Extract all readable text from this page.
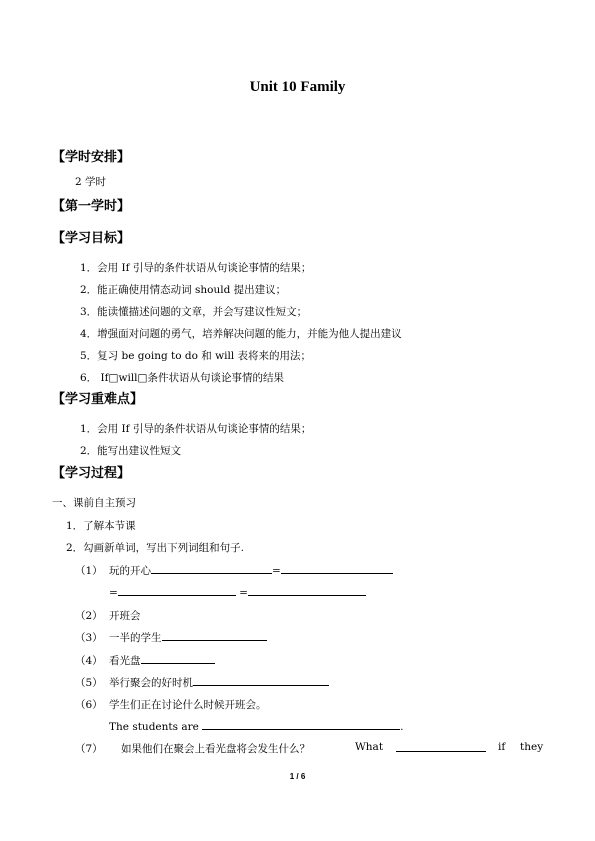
Unit 10 Family
【学时安排】
2 学时
【第一学时】
【学习目标】
1．会用 If 引导的条件状语从句谈论事情的结果；
2．能正确使用情态动词 should 提出建议；
3．能读懂描述问题的文章，并会写建议性短文；
4．增强面对问题的勇气，培养解决问题的能力，并能为他人提出建议
5．复习 be going to do 和 will 表将来的用法；
6． If□will□条件状语从句谈论事情的结果
【学习重难点】
1．会用 If 引导的条件状语从句谈论事情的结果；
2．能写出建议性短文
【学习过程】
一、课前自主预习
1．了解本节课
2．勾画新单词，写出下列词组和句子.
（1） 玩的开心	=
=	=
（2） 开班会
（3） 一半的学生
（4） 看光盘
（5） 举行聚会的好时机
（6） 学生们正在讨论什么时候开班会。
The students are	.
（7） 如果他们在聚会上看光盘将会发生什么？	What	if they
1 / 6
